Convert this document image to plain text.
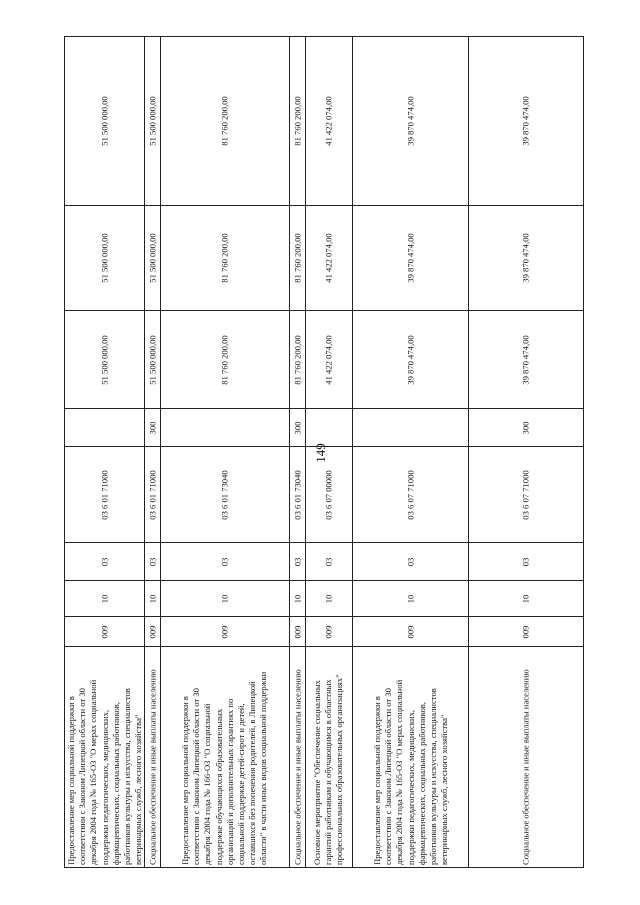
149
Предоставление мер социальной поддержки в
соответствии с Законом Липецкой области от 30
декабря 2004 года № 165-ОЗ "О мерах социальной
поддержки педагогических, медицинских,
фармацевтических, социальных работников,
работников культуры и искусства, специалистов
ветеринарных служб, лесного хозяйства"
009
10
03
03 6 01 71000
51 500 000,00
51 500 000,00
51 500 000,00
Социальное обеспечение и иные выплаты населению
009
10
03
03 6 01 71000
300
51 500 000,00
51 500 000,00
51 500 000,00
Предоставление мер социальной поддержки в
соответствии с Законом Липецкой области от 30
декабря 2004 года № 166-ОЗ "О социальной
поддержке обучающихся образовательных
организаций и дополнительных гарантиях по
социальной поддержке детей-сирот и детей,
оставшихся без попечения родителей, в Липецкой
области" в части иных видов социальной поддержки
009
10
03
03 6 01 73040
81 760 200,00
81 760 200,00
81 760 200,00
Социальное обеспечение и иные выплаты населению
009
10
03
03 6 01 73040
300
81 760 200,00
81 760 200,00
81 760 200,00
Основное мероприятие "Обеспечение социальных
гарантий работникам и обучающимся в областных
профессиональных образовательных организациях"
009
10
03
03 6 07 00000
41 422 074,00
41 422 074,00
41 422 074,00
Предоставление мер социальной поддержки в
соответствии с Законом Липецкой области от 30
декабря 2004 года № 165-ОЗ "О мерах социальной
поддержки педагогических, медицинских,
фармацевтических, социальных работников,
работников культуры и искусства, специалистов
ветеринарных служб, лесного хозяйства"
009
10
03
03 6 07 71000
39 870 474,00
39 870 474,00
39 870 474,00
Социальное обеспечение и иные выплаты населению
009
10
03
03 6 07 71000
300
39 870 474,00
39 870 474,00
39 870 474,00
